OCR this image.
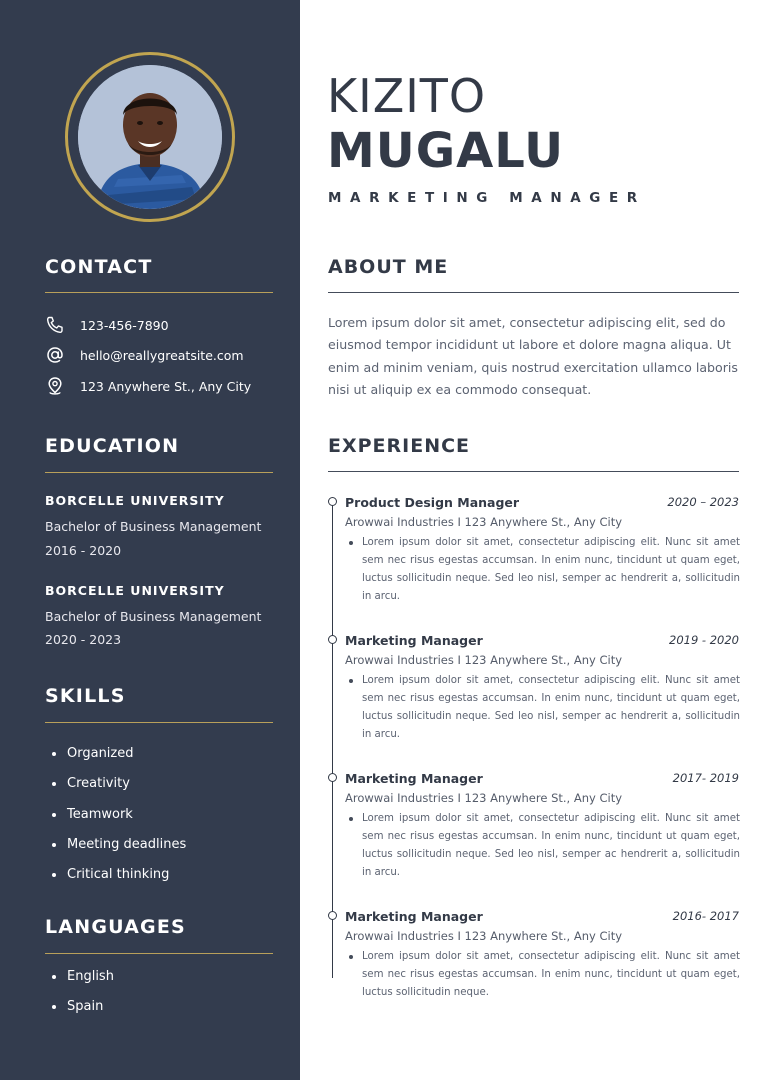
CONTACT
123-456-7890
hello@reallygreatsite.com
123 Anywhere St., Any City
EDUCATION
BORCELLE UNIVERSITY
Bachelor of Business Management
2016 - 2020
BORCELLE UNIVERSITY
Bachelor of Business Management
2020 - 2023
SKILLS
Organized
Creativity
Teamwork
Meeting deadlines
Critical thinking
LANGUAGES
English
Spain
KIZITO
MUGALU
MARKETING MANAGER
ABOUT ME
Lorem ipsum dolor sit amet, consectetur adipiscing elit, sed do eiusmod tempor incididunt ut labore et dolore magna aliqua. Ut enim ad minim veniam, quis nostrud exercitation ullamco laboris nisi ut aliquip ex ea commodo consequat.
EXPERIENCE
Product Design Manager	2020 – 2023
Arowwai Industries I 123 Anywhere St., Any City
Lorem ipsum dolor sit amet, consectetur adipiscing elit. Nunc sit amet sem nec risus egestas accumsan. In enim nunc, tincidunt ut quam eget, luctus sollicitudin neque. Sed leo nisl, semper ac hendrerit a, sollicitudin in arcu.
Marketing Manager	2019 - 2020
Arowwai Industries I 123 Anywhere St., Any City
Lorem ipsum dolor sit amet, consectetur adipiscing elit. Nunc sit amet sem nec risus egestas accumsan. In enim nunc, tincidunt ut quam eget, luctus sollicitudin neque. Sed leo nisl, semper ac hendrerit a, sollicitudin in arcu.
Marketing Manager	2017- 2019
Arowwai Industries I 123 Anywhere St., Any City
Lorem ipsum dolor sit amet, consectetur adipiscing elit. Nunc sit amet sem nec risus egestas accumsan. In enim nunc, tincidunt ut quam eget, luctus sollicitudin neque. Sed leo nisl, semper ac hendrerit a, sollicitudin in arcu.
Marketing Manager	2016- 2017
Arowwai Industries I 123 Anywhere St., Any City
Lorem ipsum dolor sit amet, consectetur adipiscing elit. Nunc sit amet sem nec risus egestas accumsan. In enim nunc, tincidunt ut quam eget, luctus sollicitudin neque.
